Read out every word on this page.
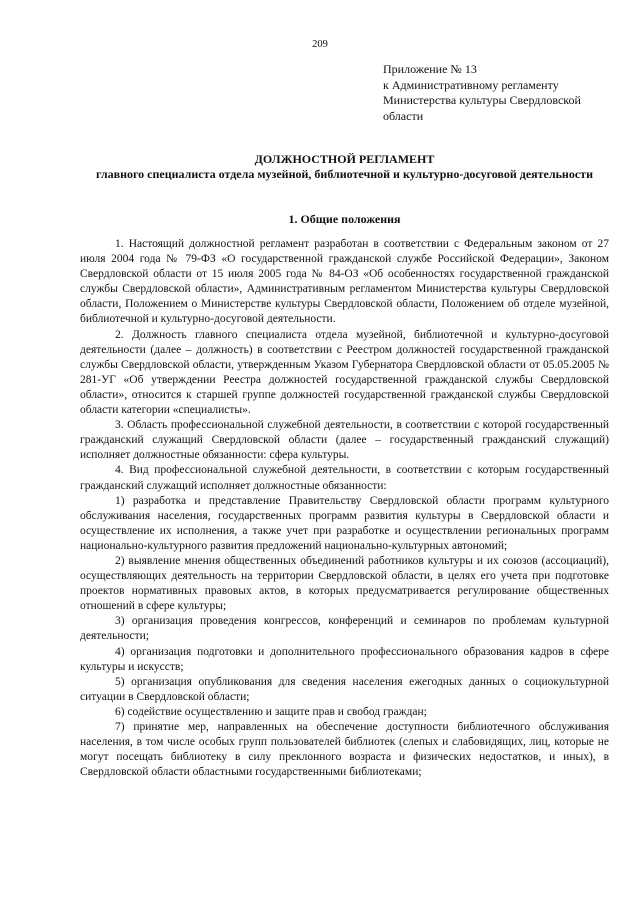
209
Приложение № 13
к Административному регламенту
Министерства культуры Свердловской
области
ДОЛЖНОСТНОЙ РЕГЛАМЕНТ
главного специалиста отдела музейной, библиотечной и культурно-досуговой деятельности
1. Общие положения

1. Настоящий должностной регламент разработан в соответствии с Федеральным законом от 27 июля 2004 года № 79-ФЗ «О государственной гражданской службе Российской Федерации», Законом Свердловской области от 15 июля 2005 года № 84-ОЗ «Об особенностях государственной гражданской службы Свердловской области», Административным регламентом Министерства культуры Свердловской области, Положением о Министерстве культуры Свердловской области, Положением об отделе музейной, библиотечной и культурно-досуговой деятельности.

2. Должность главного специалиста отдела музейной, библиотечной и культурно-досуговой деятельности (далее – должность) в соответствии с Реестром должностей государственной гражданской службы Свердловской области, утвержденным Указом Губернатора Свердловской области от 05.05.2005 № 281-УГ «Об утверждении Реестра должностей государственной гражданской службы Свердловской области», относится к старшей группе должностей государственной гражданской службы Свердловской области категории «специалисты».

3. Область профессиональной служебной деятельности, в соответствии с которой государственный гражданский служащий Свердловской области (далее – государственный гражданский служащий) исполняет должностные обязанности: сфера культуры.

4. Вид профессиональной служебной деятельности, в соответствии с которым государственный гражданский служащий исполняет должностные обязанности:

1) разработка и представление Правительству Свердловской области программ культурного обслуживания населения, государственных программ развития культуры в Свердловской области и осуществление их исполнения, а также учет при разработке и осуществлении региональных программ национально-культурного развития предложений национально-культурных автономий;

2) выявление мнения общественных объединений работников культуры и их союзов (ассоциаций), осуществляющих деятельность на территории Свердловской области, в целях его учета при подготовке проектов нормативных правовых актов, в которых предусматривается регулирование общественных отношений в сфере культуры;

3) организация проведения конгрессов, конференций и семинаров по проблемам культурной деятельности;

4) организация подготовки и дополнительного профессионального образования кадров в сфере культуры и искусств;

5) организация опубликования для сведения населения ежегодных данных о социокультурной ситуации в Свердловской области;

6) содействие осуществлению и защите прав и свобод граждан;

7) принятие мер, направленных на обеспечение доступности библиотечного обслуживания населения, в том числе особых групп пользователей библиотек (слепых и слабовидящих, лиц, которые не могут посещать библиотеку в силу преклонного возраста и физических недостатков, и иных), в Свердловской области областными государственными библиотеками;
